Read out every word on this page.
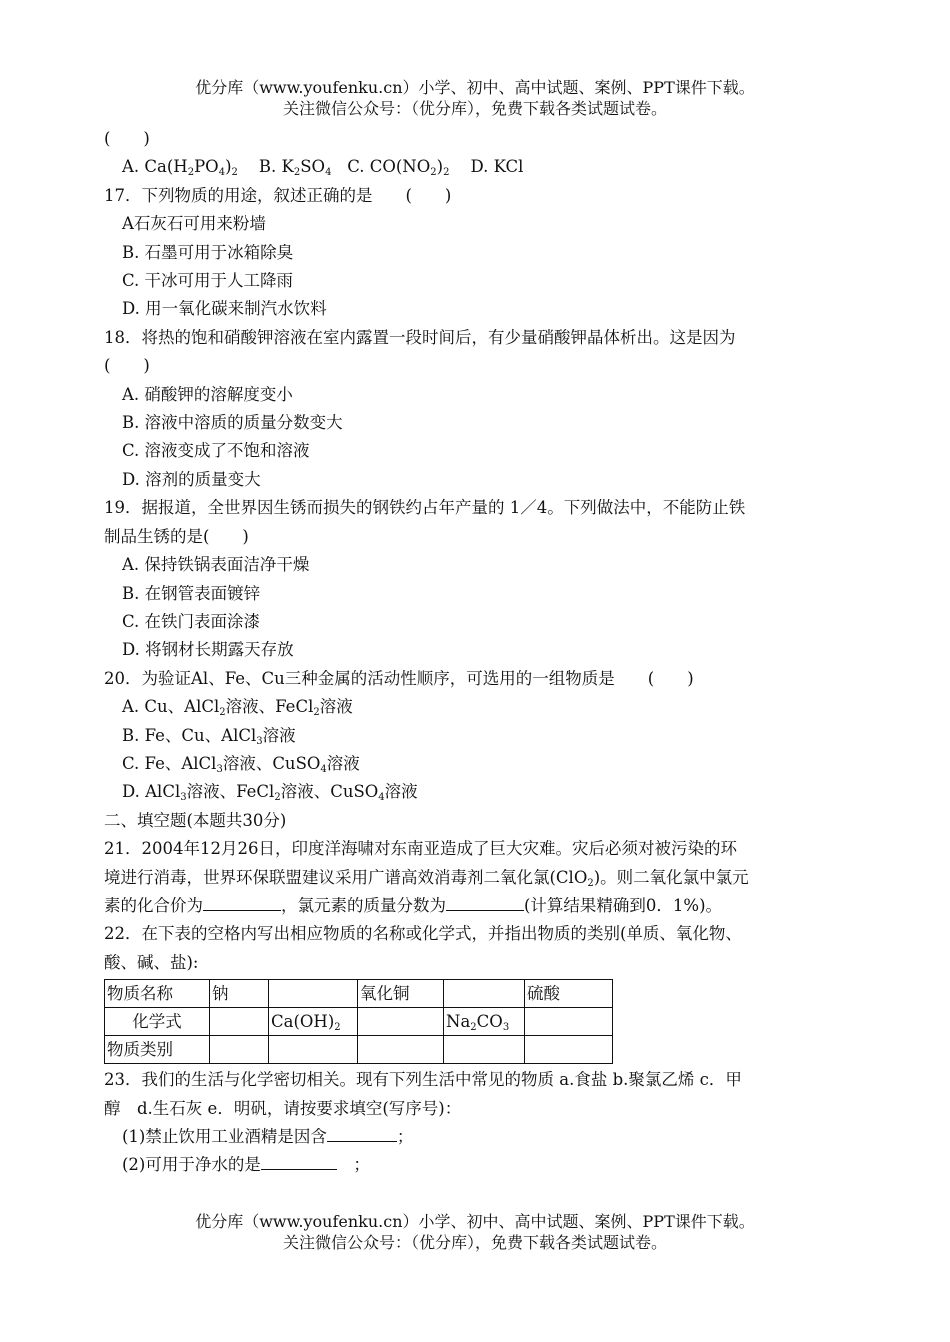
优分库（www.youfenku.cn）小学、初中、高中试题、案例、PPT课件下载。
关注微信公众号：（优分库），免费下载各类试题试卷。
(　　)
A. $Ca(H_2PO_4)_2$ B. $K_2SO_4$ C. $CO(NO_2)_2$ D. KCl
17．下列物质的用途，叙述正确的是　　(　　)
A石灰石可用来粉墙
B. 石墨可用于冰箱除臭
C. 干冰可用于人工降雨
D. 用一氧化碳来制汽水饮料
18．将热的饱和硝酸钾溶液在室内露置一段时间后，有少量硝酸钾晶体析出。这是因为
(　　)
A. 硝酸钾的溶解度变小
B. 溶液中溶质的质量分数变大
C. 溶液变成了不饱和溶液
D. 溶剂的质量变大
19．据报道，全世界因生锈而损失的钢铁约占年产量的 1／4。下列做法中，不能防止铁
制品生锈的是(　　)
A. 保持铁锅表面洁净干燥
B. 在钢管表面镀锌
C. 在铁门表面涂漆
D. 将钢材长期露天存放
20．为验证Al、Fe、Cu三种金属的活动性顺序，可选用的一组物质是　　(　　)
A. Cu、AlCl$_2$溶液、FeCl$_2$溶液
B. Fe、Cu、AlCl$_3$溶液
C. Fe、AlCl$_3$溶液、CuSO$_4$溶液
D. AlCl$_3$溶液、FeCl$_2$溶液、CuSO$_4$溶液
二、填空题(本题共30分)
21．2004年12月26日，印度洋海啸对东南亚造成了巨大灾难。灾后必须对被污染的环
境进行消毒，世界环保联盟建议采用广谱高效消毒剂二氧化氯(ClO$_2$)。则二氧化氯中氯元
素的化合价为	，氯元素的质量分数为	(计算结果精确到0．1%)。
22．在下表的空格内写出相应物质的名称或化学式，并指出物质的类别(单质、氧化物、
酸、碱、盐):
物质名称	钠		氧化铜		硫酸
化学式		$Ca(OH)_2$		$Na_2CO_3$	
物质类别					
23．我们的生活与化学密切相关。现有下列生活中常见的物质 a.食盐 b.聚氯乙烯 c．甲
醇　d.生石灰 e．明矾，请按要求填空(写序号)：
(1)禁止饮用工业酒精是因含	；
(2)可用于净水的是	　；
优分库（www.youfenku.cn）小学、初中、高中试题、案例、PPT课件下载。
关注微信公众号：（优分库），免费下载各类试题试卷。
